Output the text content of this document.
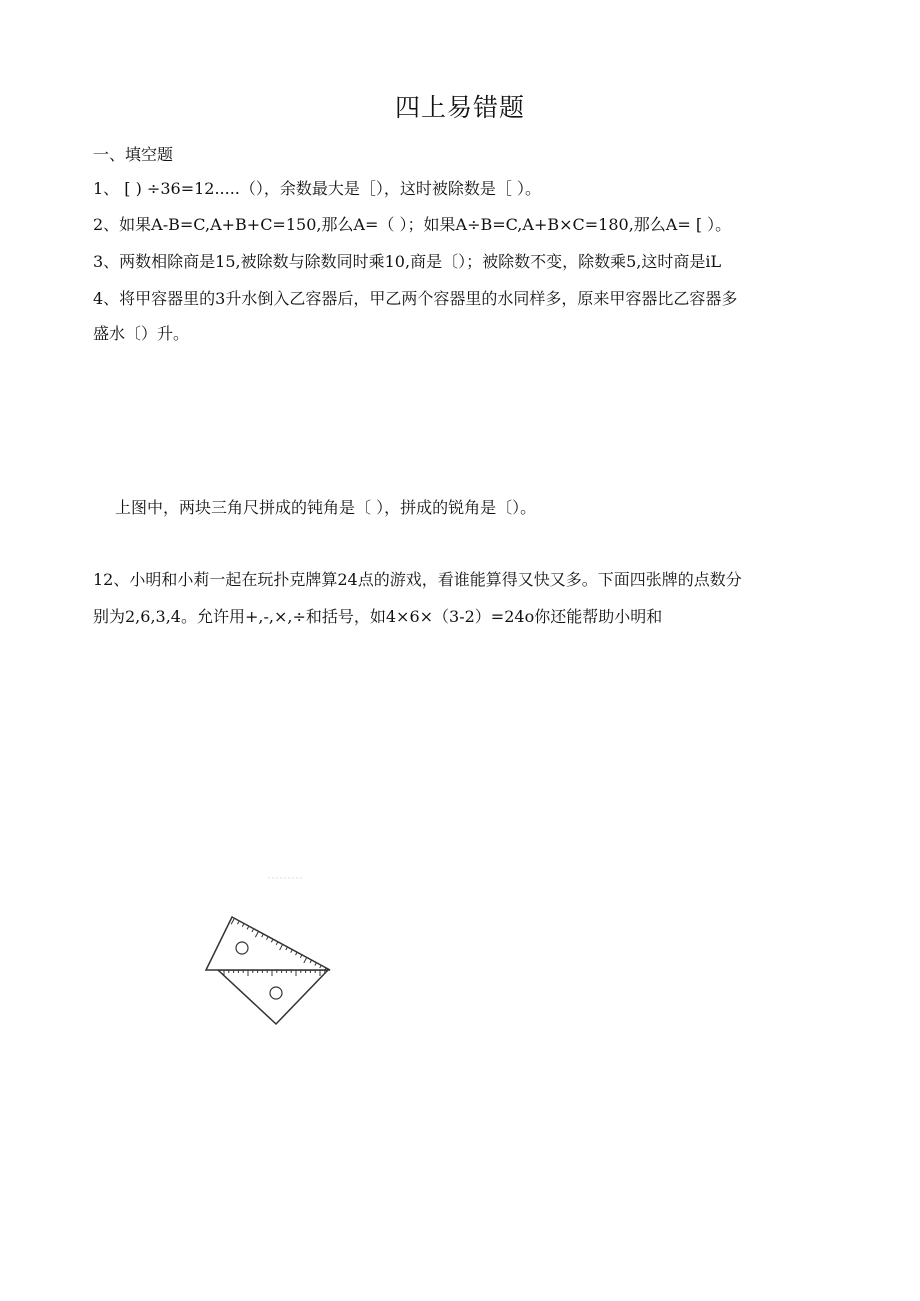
四上易错题
一、填空题
1、 [ ) ÷36=12.....（），余数最大是［），这时被除数是［ ）。
2、如果A-B=C,A+B+C=150,那么A=（ ）；如果A÷B=C,A+B×C=180,那么A= [ ）。
3、两数相除商是15,被除数与除数同时乘10,商是〔）；被除数不变，除数乘5,这时商是iL
4、将甲容器里的3升水倒入乙容器后，甲乙两个容器里的水同样多，原来甲容器比乙容器多
盛水〔）升。
上图中，两块三角尺拼成的钝角是〔 ），拼成的锐角是〔）。
12、小明和小莉一起在玩扑克牌算24点的游戏，看谁能算得又快又多。下面四张牌的点数分
别为2,6,3,4。允许用+,-,×,÷和括号，如4×6×（3-2）=24o你还能帮助小明和
